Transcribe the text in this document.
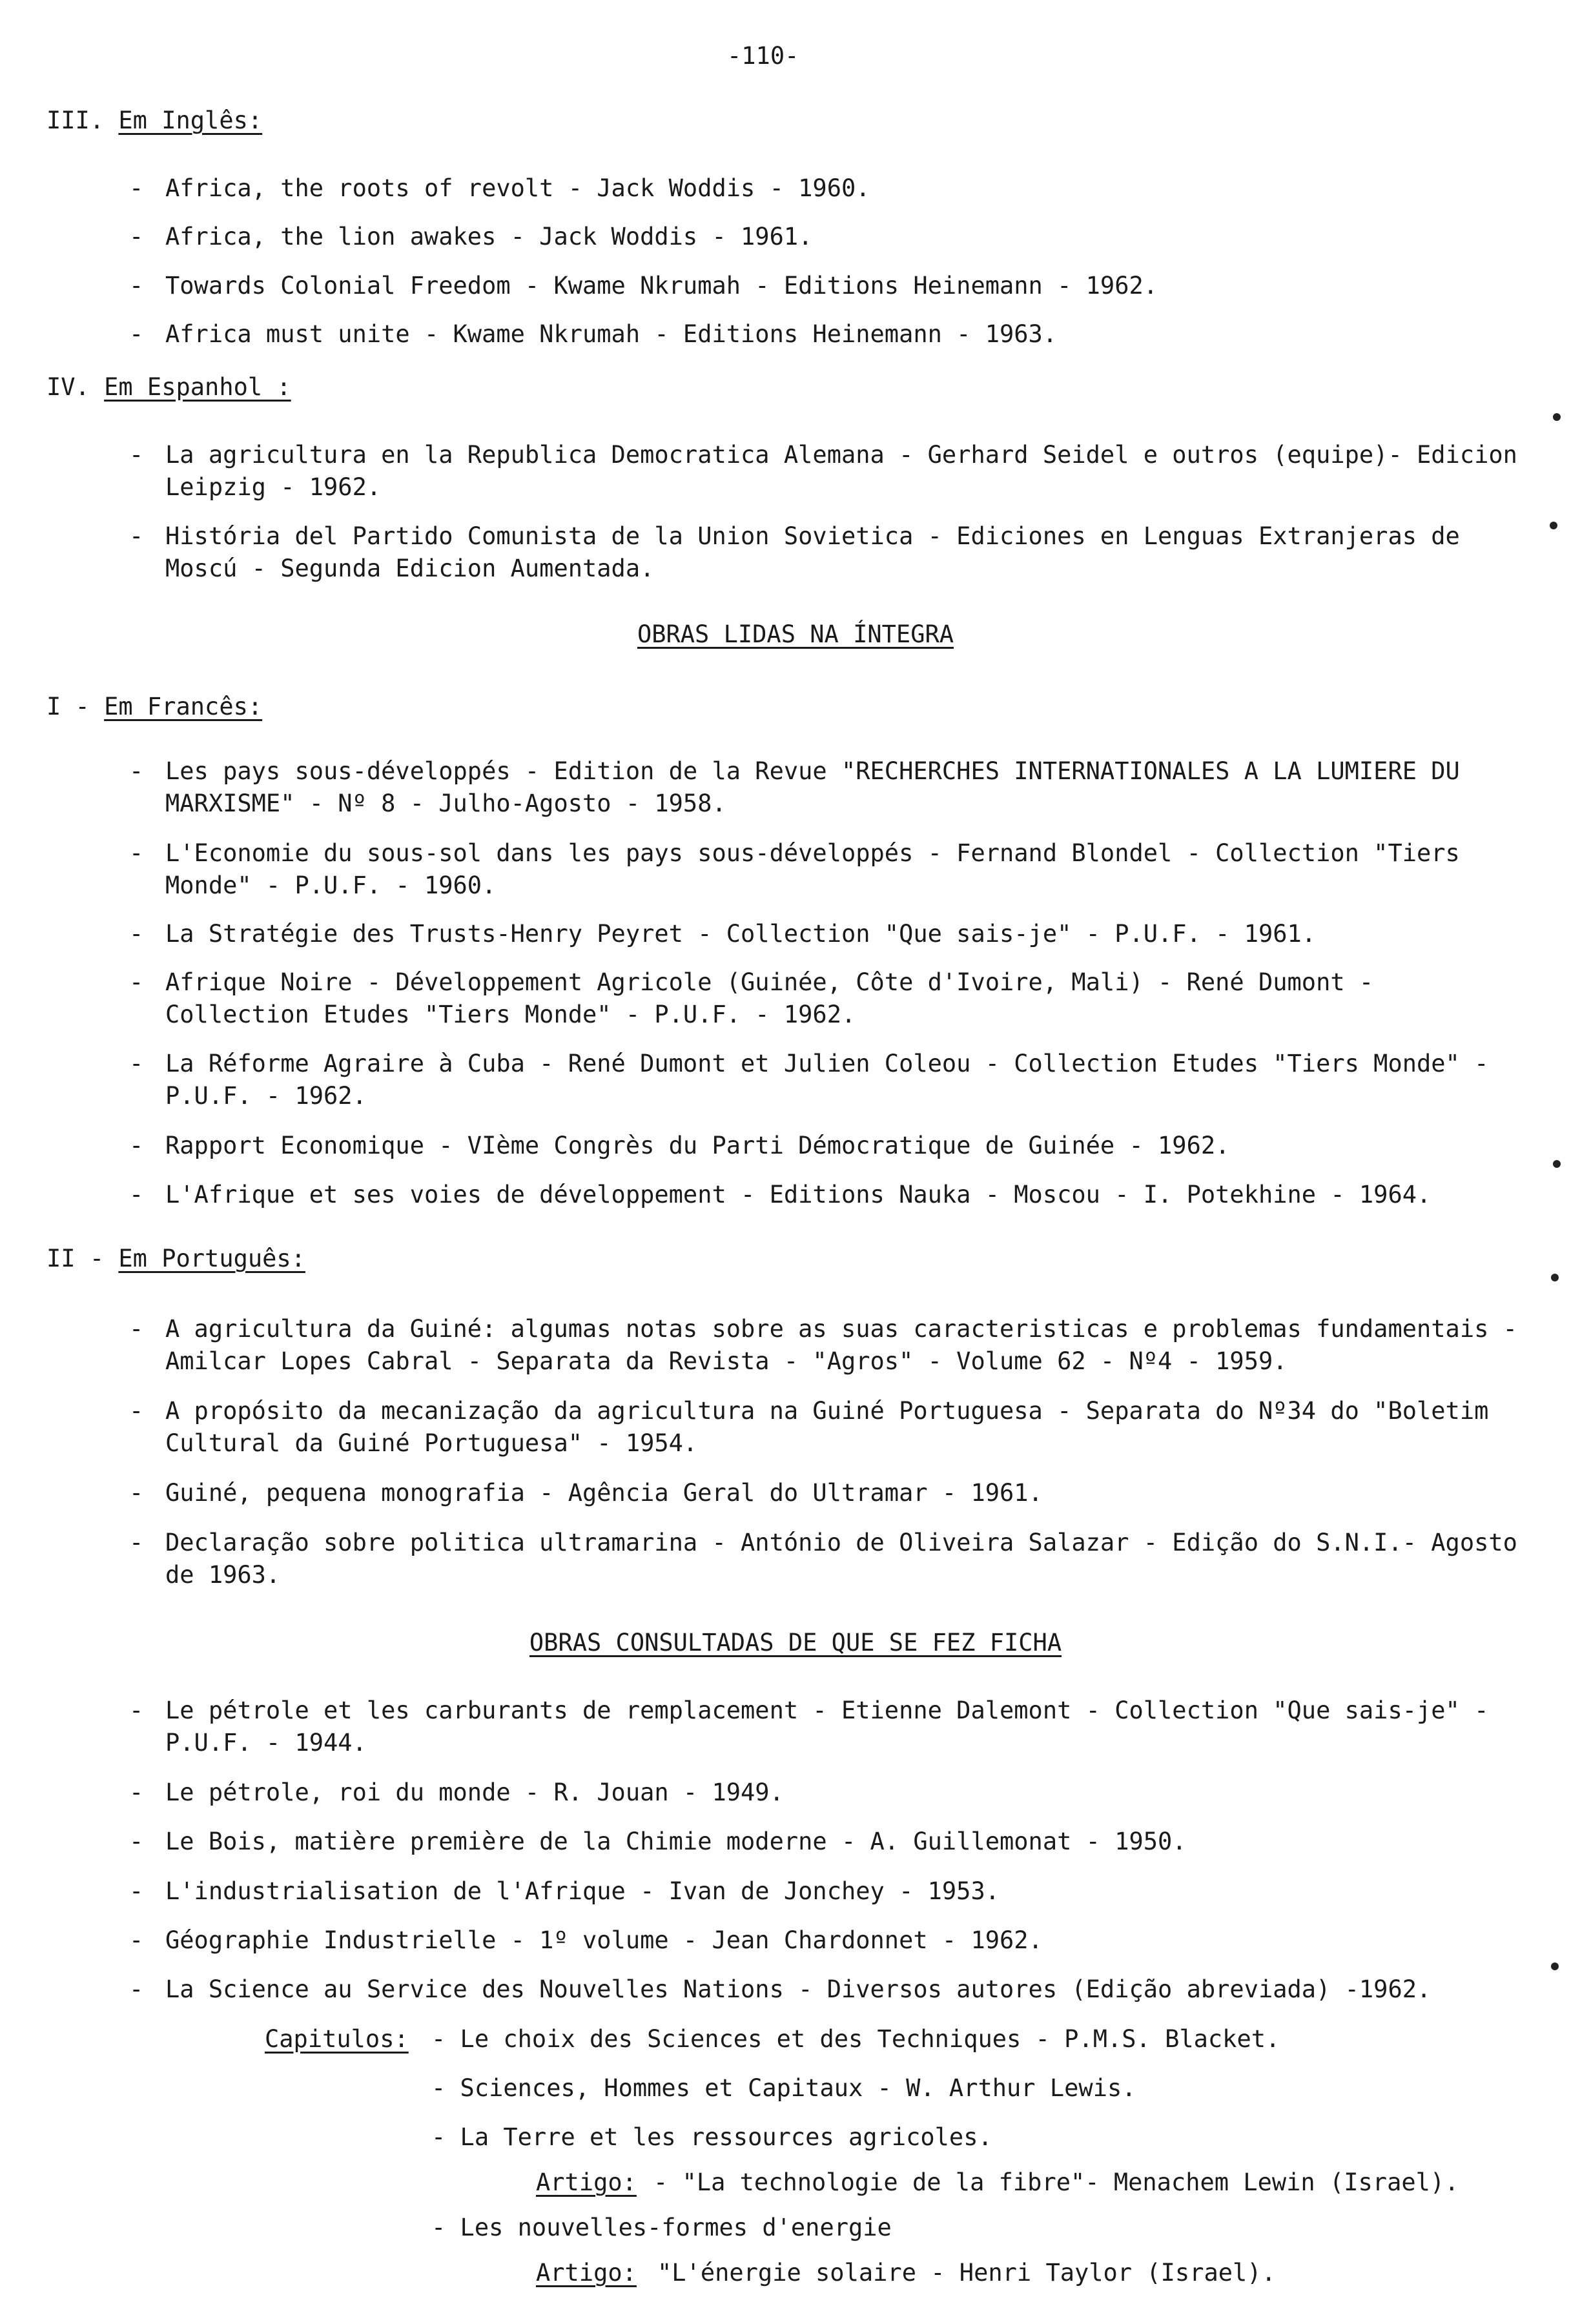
-110-
III. Em Inglês:
- Africa, the roots of revolt - Jack Woddis - 1960.
- Africa, the lion awakes - Jack Woddis - 1961.
- Towards Colonial Freedom - Kwame Nkrumah - Editions Heinemann - 1962.
- Africa must unite - Kwame Nkrumah - Editions Heinemann - 1963.
IV. Em Espanhol :
- La agricultura en la Republica Democratica Alemana - Gerhard Seidel e outros (equipe)- Edicion Leipzig - 1962.
- História del Partido Comunista de la Union Sovietica - Ediciones en Lenguas Extranjeras de Moscú - Segunda Edicion Aumentada.
OBRAS LIDAS NA ÍNTEGRA
I - Em Francês:
- Les pays sous-développés - Edition de la Revue "RECHERCHES INTERNATIONALES A LA LUMIERE DU MARXISME" - Nº 8 - Julho-Agosto - 1958.
- L'Economie du sous-sol dans les pays sous-développés - Fernand Blondel - Collection "Tiers Monde" - P.U.F. - 1960.
- La Stratégie des Trusts-Henry Peyret - Collection "Que sais-je" - P.U.F. - 1961.
- Afrique Noire - Développement Agricole (Guinée, Côte d'Ivoire, Mali) - René Dumont - Collection Etudes "Tiers Monde" - P.U.F. - 1962.
- La Réforme Agraire à Cuba - René Dumont et Julien Coleou - Collection Etudes "Tiers Monde" - P.U.F. - 1962.
- Rapport Economique - VIème Congrès du Parti Démocratique de Guinée - 1962.
- L'Afrique et ses voies de développement - Editions Nauka - Moscou - I. Potekhine - 1964.
II - Em Português:
- A agricultura da Guiné: algumas notas sobre as suas caracteristicas e problemas fundamentais - Amilcar Lopes Cabral - Separata da Revista - "Agros" - Volume 62 - Nº4 - 1959.
- A propósito da mecanização da agricultura na Guiné Portuguesa - Separata do Nº34 do "Boletim Cultural da Guiné Portuguesa" - 1954.
- Guiné, pequena monografia - Agência Geral do Ultramar - 1961.
- Declaração sobre politica ultramarina - António de Oliveira Salazar - Edição do S.N.I.- Agosto de 1963.
OBRAS CONSULTADAS DE QUE SE FEZ FICHA
- Le pétrole et les carburants de remplacement - Etienne Dalemont - Collection "Que sais-je" - P.U.F. - 1944.
- Le pétrole, roi du monde - R. Jouan - 1949.
- Le Bois, matière première de la Chimie moderne - A. Guillemonat - 1950.
- L'industrialisation de l'Afrique - Ivan de Jonchey - 1953.
- Géographie Industrielle - 1º volume - Jean Chardonnet - 1962.
- La Science au Service des Nouvelles Nations - Diversos autores (Edição abreviada) -1962.
Capitulos: - Le choix des Sciences et des Techniques - P.M.S. Blacket.
- Sciences, Hommes et Capitaux - W. Arthur Lewis.
- La Terre et les ressources agricoles.
Artigo: - "La technologie de la fibre"- Menachem Lewin (Israel).
- Les nouvelles-formes d'energie
Artigo: "L'énergie solaire - Henri Taylor (Israel).
